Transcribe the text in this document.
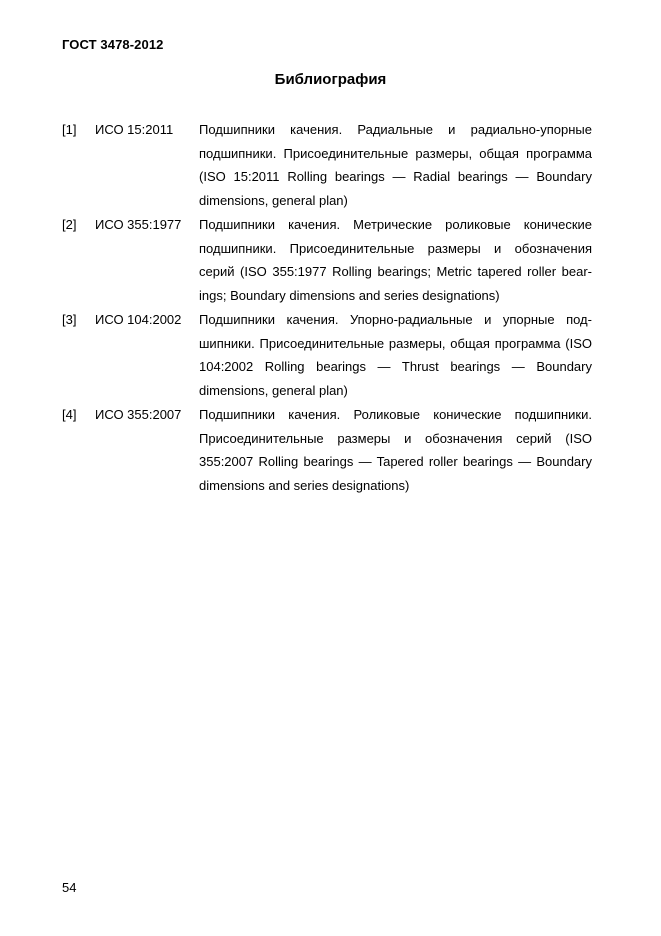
ГОСТ 3478-2012
Библиография
[1]	ИСО 15:2011	Подшипники качения. Радиальные и радиально-упорные подшипники. Присоединительные размеры, общая программа (ISO 15:2011 Rolling bearings — Radial bearings — Boundary dimensions, general plan)
[2]	ИСО 355:1977	Подшипники качения. Метрические роликовые конические подшипники. Присоединительные размеры и обозначения серий (ISO 355:1977 Rolling bearings; Metric tapered roller bearings; Boundary dimensions and series designations)
[3]	ИСО 104:2002	Подшипники качения. Упорно-радиальные и упорные подшипники. Присоединительные размеры, общая программа (ISO 104:2002 Rolling bearings — Thrust bearings — Boundary dimensions, general plan)
[4]	ИСО 355:2007	Подшипники качения. Роликовые конические подшипники. Присоединительные размеры и обозначения серий (ISO 355:2007 Rolling bearings — Tapered roller bearings — Boundary dimensions and series designations)
54
